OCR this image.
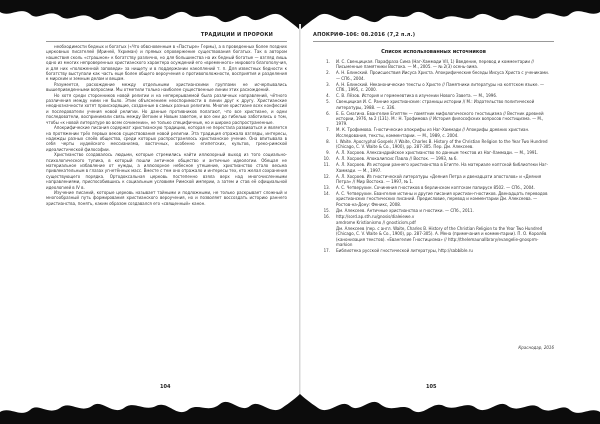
ТРАДИЦИИ И ПРОРОКИ

необходимости бедных и богатых («Что обвсновенным в «Пастыре» Гермы), а в проведенных более поздних церковных писателей (Ириней, Ухриман) и прямых опровержение существования богатых. Так в автором нашествия сколь «страшное» к богатству различно, но для большинства на их бедный богатые — взгляд лишь одно из многих непроверенных христианского характера осуждений его «временного» мирового благополучия, и для них «положенной заповеди» за нищету и в поддержании накоплений т. п. Для известных бедности к богатству выступали как часть еще более общего вероучения о противоположности, восприятия и разделения к мирским и земным делам и вещам.

Разумеется, расхождение между отдельными христианскими группами не исчерпывались вышеприведенными вопросами. Мы отметили только наиболее существенные линии этих расхождений.

Но хотя среди сторонников новой религии и на неперерываемой была различных направлений, чётного различения между ними не было. Этим объяснением неоспоримости в линии друг к другу. Христианские неоднозначности хотят происходящие, созданные в самых разных религиях. Многие христиане всех конфессий и последователи учения новой религии. Но данные противников полагают, что все христиане, и одни последователи, воспринимали связь между Ветхим и Новым заветом, и все они до гибелью заботились о том, чтобы «к новой литературе во всем сочинении», не только специфичные, но и широко распространенные.

Апокрифические писания содержат христианскую традицию, которая не перестала развиваться и является на протяжении трёх первых веков существования новой религии. Эта традиция отражала взгляды, интересы, надежды разных слоёв общества, среди которых распространялось христианское учение. Она впитывала в себя черты иудейского мессианизма, восточных, особенно египетских, культов, греко-римской идеалистической философии.

Христианство создавалось людьми, которые стремились найти иллюзорный выход из того социально-психологического тупика, в который пошли античное общество и античные идеологии. Обещая не материальное избавление от нужды, а иллюзорное небесное утешение, христианство стало весьма привлекательным в глазах угнетённых масс. Вместе с тем оно отражало и интересы тех, кто желал сохранения существующего порядка. Ортодоксальная церковь постепенно взяла верх над многочисленными направлениями, приспособившись к социальным условиям Римской империи, а затем и став её официальной идеологией в IV в.

Изучение писаний, которые церковь называет тайными и подложными, не только раскрывает сложный и многообразный путь формирования христианского вероучения, но и позволяет воссоздать историю раннего христианства, понять, каким образом создавался его «священный» канон.

104
АПОКРИФ-106: 08.2016 (7,2 п.л.)
Список использованных источников
1.	И. С. Свенцицкая. Парафраза Сима (Наг-Хаммади VII, 1) Введение, перевод и комментарии // Письменные памятники Востока. — М., 2005. — № 2(3) осень-зима.
2.	А. Н. Блинский. Происшествия Иисуса Христа. Апокрифические беседы Иисуса Христа с учениками. — СПб., 2004.
3.	А. Н. Блинский. Неканонические тексты о Христе // Памятники литературы на коптском языке. — СПб., 1995, с. 2000.
4.	С. В. Лёзов. История и герменевтика в изучении Нового Завета. — М., 1996.
5.	Свенцицкая И. С. Ранние христианские: страницы истории // М.: Издательство политической литературы, 1988. — с. 336.
6.	Е. Б. Смагина. Евангелие Египтян — памятник мифологического гностицизма // Вестник древней истории, 1976, № 2 (131). М.: Н. Трофимова // История философских вопросов гностицизма. — М., 1979.
7.	М. К. Трофимова. Гностические апокрифы из Наг-Хаммади // Апокрифы древних христиан. Исследования, тексты, комментарии. — М., 1989, с. 2004.
8.	I. Waite. Apocryphal Gospels // Waite, Charles B. History of the Christian Religion to the Year Two Hundred (Chicago, C. V. Waite & Co., 1900), pp. 287-305. Пер. Дм. Алексеев.
9.	А. Л. Хосроев. Александрийское христианство по данным текстов из Наг-Хаммади. — М., 1991.
10.	А. Л. Хосроев. Апокалипсис Павла // Восток. — 1993, № 6.
11.	А. Л. Хосроев. Из истории раннего христианства в Египте. На материале коптской библиотеки Наг-Хаммади. — М., 1997.
12.	А. Л. Хосроев. Из гностической литературы «Деяния Петра и двенадцати апостолов» и «Деяния Петра» // Мир Востока. — 1997, № 1.
13.	А. С. Четверухин. Сочинения гностиков в берлинском коптском папирусе 8502. — СПб., 2004.
14.	А. С. Четверухин. Евангелие истины и другие писания христиан-гностиков. Двенадцать переводов христианских гностических писаний. Предисловие, перевод и комментарии Дм. Алексеева. — Ростов-на-Дону: Феникс, 2008.
15.	Дм. Алексеев. Античные христианства и гностики. — СПб., 2011.
16.	http://sord.ap.sth.ru/gnosis/dialeiewe.v
amdrome Kristianismo // gnosticism.pdf
Дм. Алексеев (пер. с англ. Waite, Charles B. History of the Christian Religion to the Year Two Hundred (Chicago, C. V. Waite & Co., 1900), pp. 287-305). А. Мена (примечания и комментарии). П. О. Королёв (канонизация текстов). «Евангелие Гностицизма» // http://thelemaunallbrary/evangelie-gnosprm-markion
17.	Библиотека русской гностической литературы, http://sabbible.ru
Краснодар, 2016
105
